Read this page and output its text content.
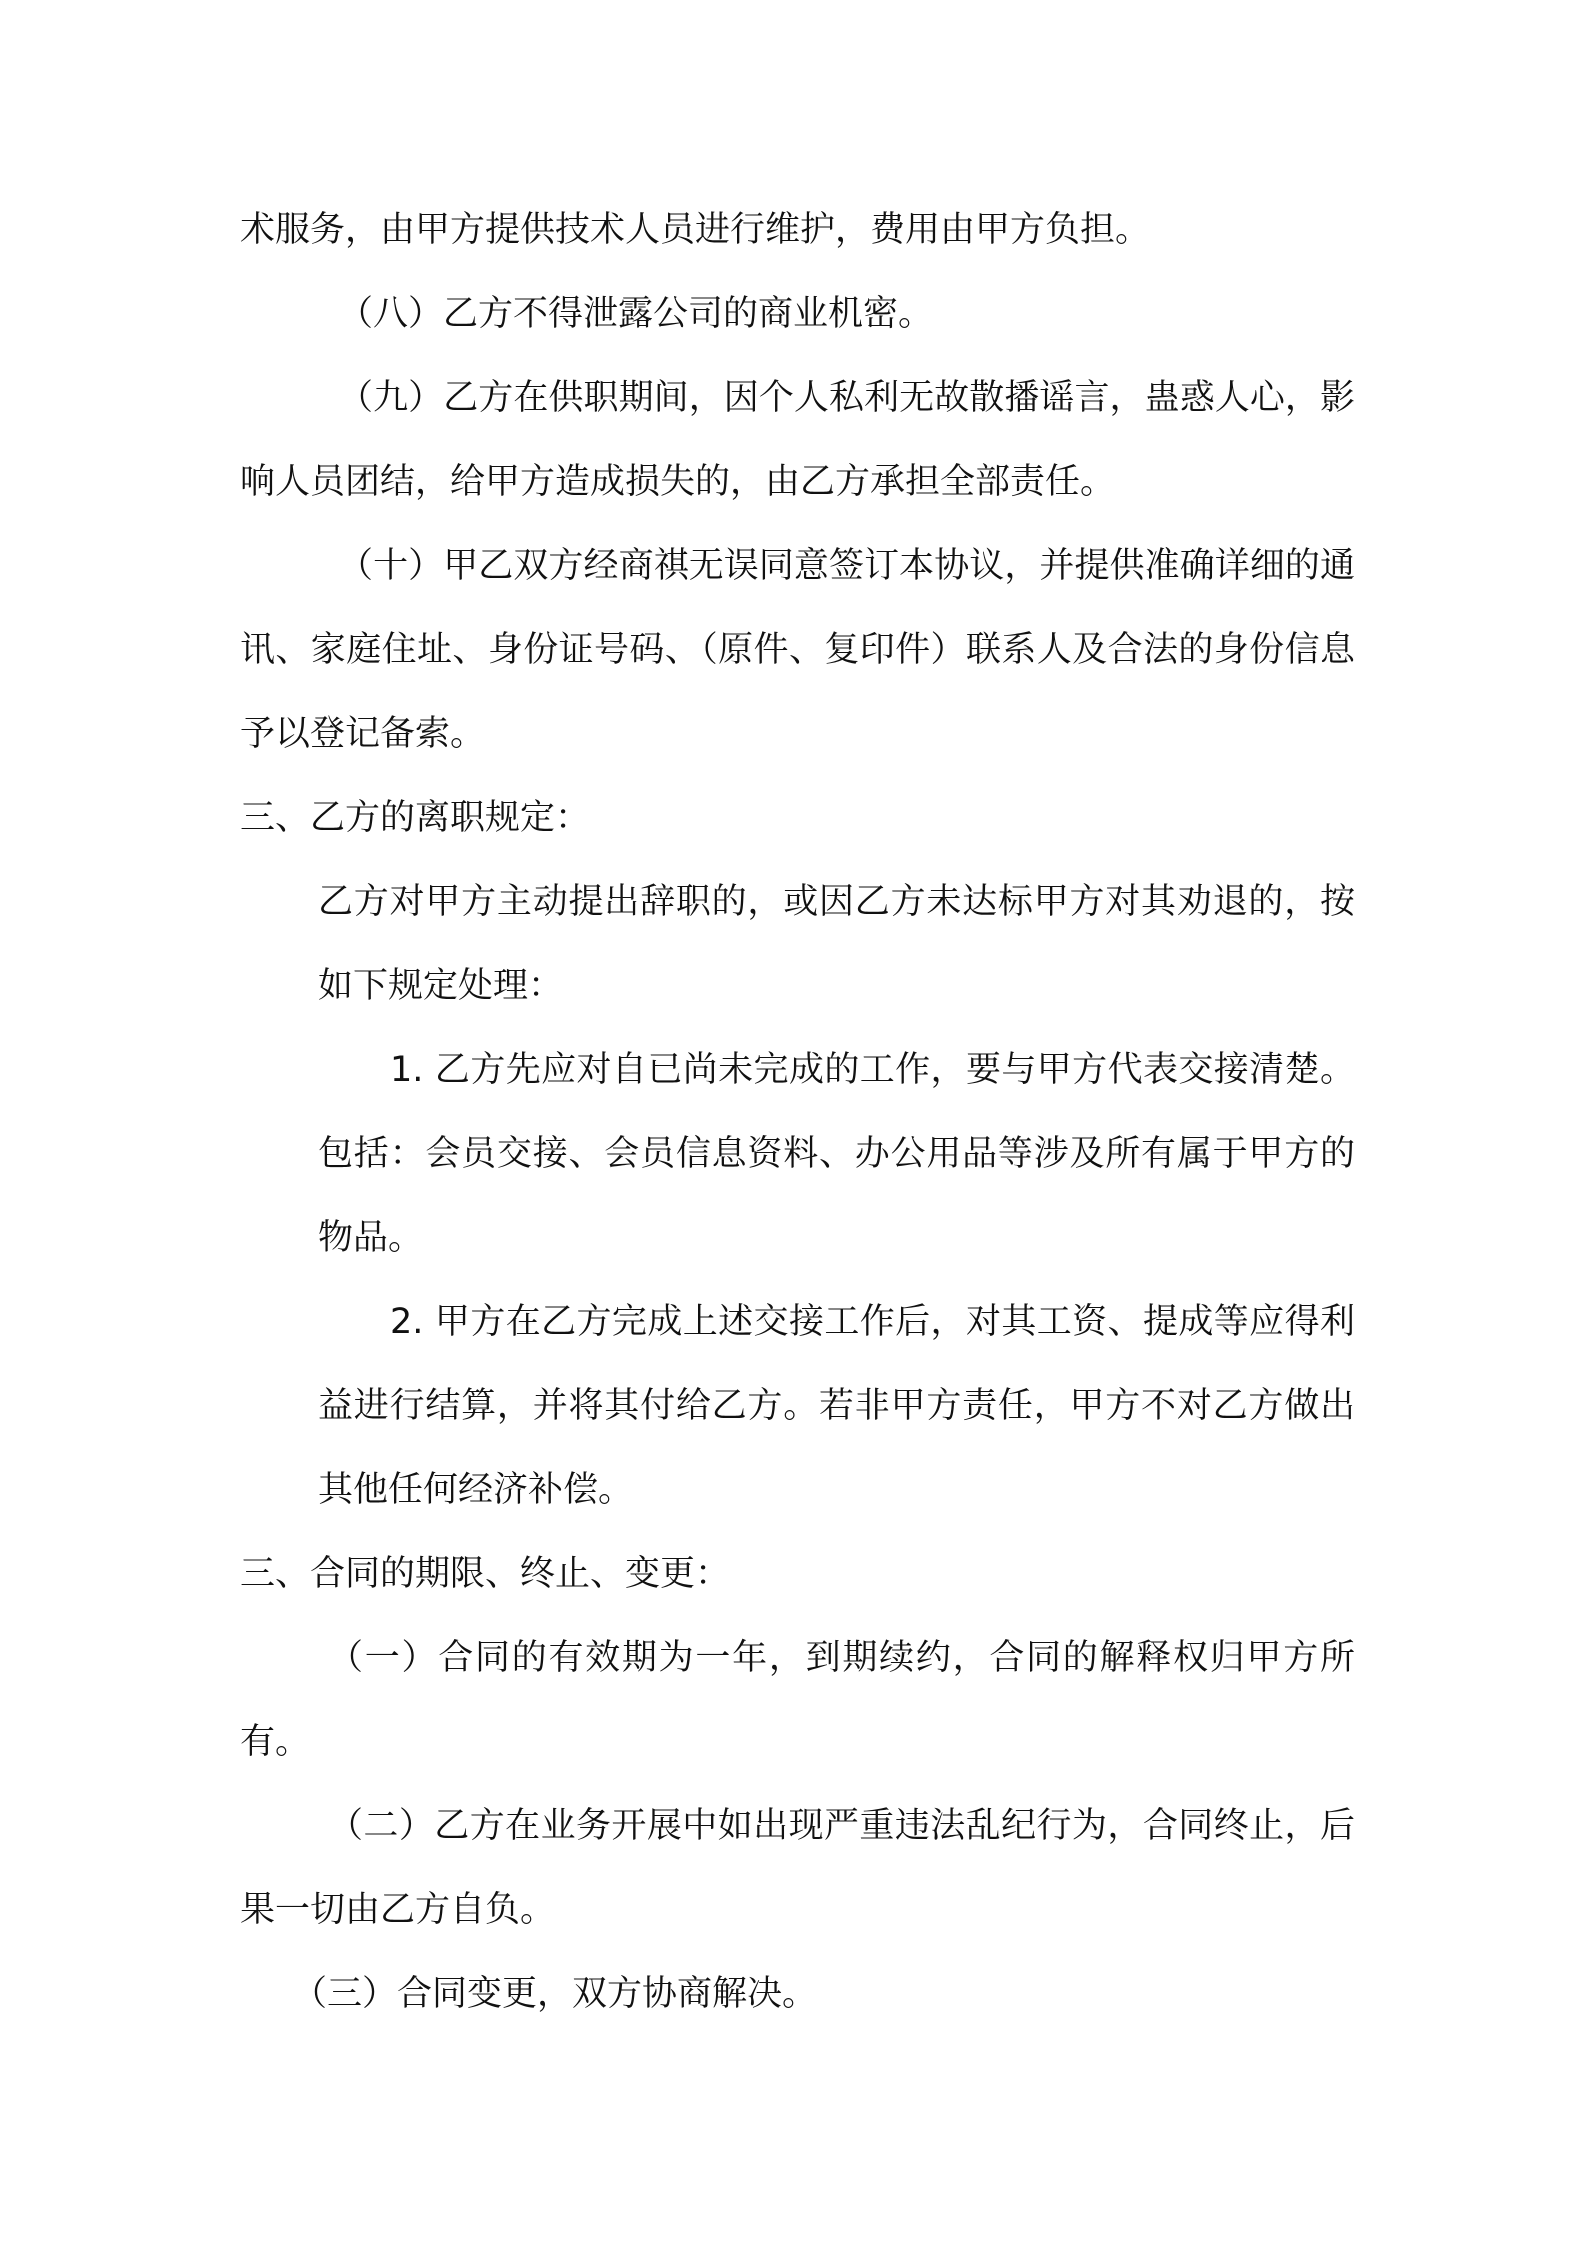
术服务，由甲方提供技术人员进行维护，费用由甲方负担。

（八）乙方不得泄露公司的商业机密。

（九）乙方在供职期间，因个人私利无故散播谣言，蛊惑人心，影响人员团结，给甲方造成损失的，由乙方承担全部责任。

（十）甲乙双方经商祺无误同意签订本协议，并提供准确详细的通讯、家庭住址、身份证号码、（原件、复印件）联系人及合法的身份信息予以登记备索。

三、乙方的离职规定：

乙方对甲方主动提出辞职的，或因乙方未达标甲方对其劝退的，按如下规定处理：

1. 乙方先应对自已尚未完成的工作，要与甲方代表交接清楚。包括：会员交接、会员信息资料、办公用品等涉及所有属于甲方的物品。

2. 甲方在乙方完成上述交接工作后，对其工资、提成等应得利益进行结算，并将其付给乙方。若非甲方责任，甲方不对乙方做出其他任何经济补偿。

三、合同的期限、终止、变更：

（一）合同的有效期为一年，到期续约，合同的解释权归甲方所有。

（二）乙方在业务开展中如出现严重违法乱纪行为，合同终止，后果一切由乙方自负。

（三）合同变更，双方协商解决。
